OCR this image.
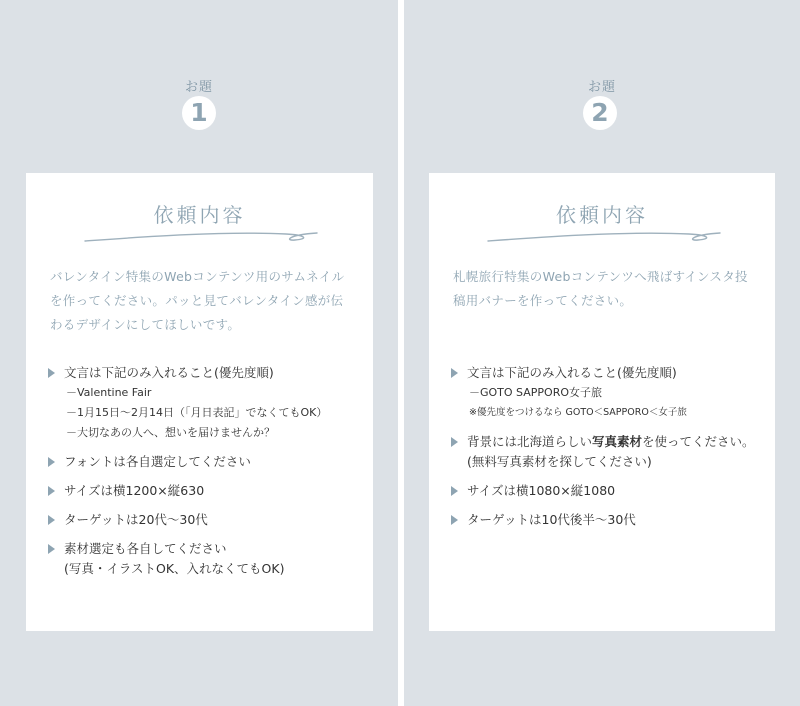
お題
1
依頼内容
バレンタイン特集のWebコンテンツ用のサムネイルを作ってください。パッと見てバレンタイン感が伝わるデザインにしてほしいです。
文言は下記のみ入れること(優先度順)
－Valentine Fair
－1月15日～2月14日（「月日表記」でなくてもOK）
－大切なあの人へ、想いを届けませんか？
フォントは各自選定してください
サイズは横1200×縦630
ターゲットは20代～30代
素材選定も各自してください
(写真・イラストOK、入れなくてもOK)
お題
2
依頼内容
札幌旅行特集のWebコンテンツへ飛ばすインスタ投稿用バナーを作ってください。
文言は下記のみ入れること(優先度順)
－GOTO SAPPORO女子旅
※優先度をつけるなら GOTO＜SAPPORO＜女子旅
背景には北海道らしい写真素材を使ってください。(無料写真素材を探してください)
サイズは横1080×縦1080
ターゲットは10代後半～30代
